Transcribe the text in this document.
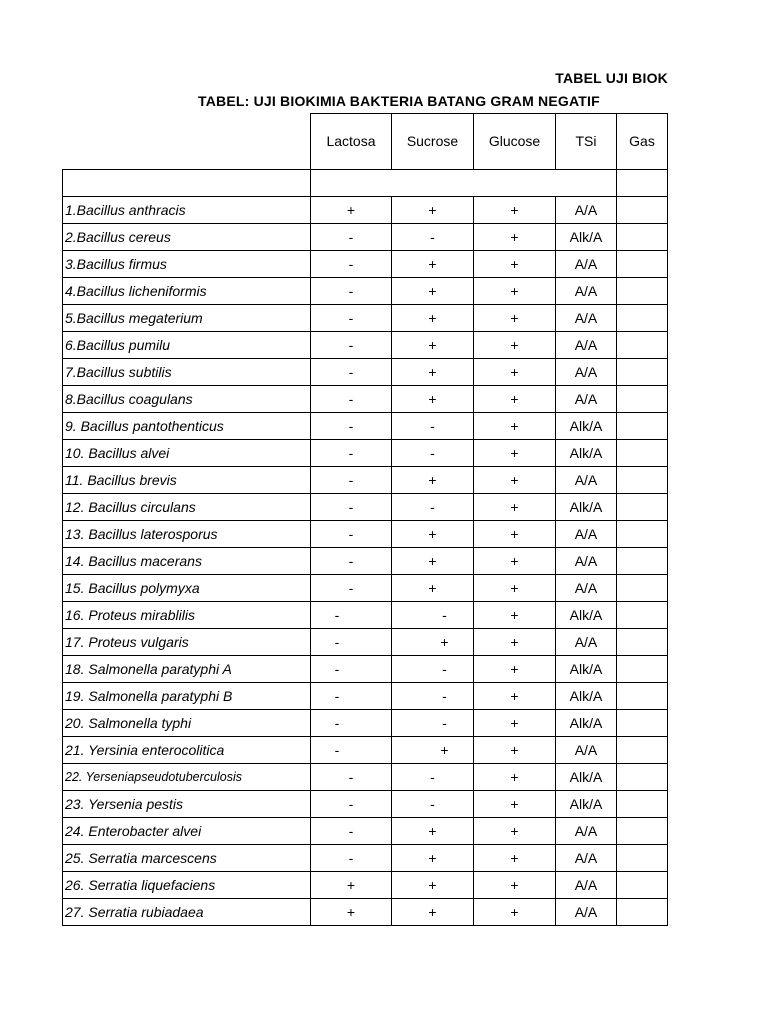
TABEL UJI BIOK
TABEL: UJI BIOKIMIA BAKTERIA BATANG GRAM NEGATIF
	Lactosa	Sucrose	Glucose	TSi	Gas

1.Bacillus anthracis	+	+	+	A/A	
2.Bacillus cereus	-	-	+	Alk/A	
3.Bacillus firmus	-	+	+	A/A	
4.Bacillus licheniformis	-	+	+	A/A	
5.Bacillus megaterium	-	+	+	A/A	
6.Bacillus pumilu	-	+	+	A/A	
7.Bacillus subtilis	-	+	+	A/A	
8.Bacillus coagulans	-	+	+	A/A	
9. Bacillus pantothenticus	-	-	+	Alk/A	
10. Bacillus alvei	-	-	+	Alk/A	
11. Bacillus brevis	-	+	+	A/A	
12. Bacillus circulans	-	-	+	Alk/A	
13. Bacillus laterosporus	-	+	+	A/A	
14. Bacillus macerans	-	+	+	A/A	
15. Bacillus polymyxa	-	+	+	A/A	
16. Proteus mirablilis	-	-	+	Alk/A	
17. Proteus vulgaris	-	+	+	A/A	
18. Salmonella paratyphi A	-	-	+	Alk/A	
19. Salmonella paratyphi B	-	-	+	Alk/A	
20. Salmonella typhi	-	-	+	Alk/A	
21. Yersinia enterocolitica	-	+	+	A/A	
22. Yerseniapseudotuberculosis	-	-	+	Alk/A	
23. Yersenia pestis	-	-	+	Alk/A	
24. Enterobacter alvei	-	+	+	A/A	
25. Serratia marcescens	-	+	+	A/A	
26. Serratia liquefaciens	+	+	+	A/A	
27. Serratia rubiadaea	+	+	+	A/A	
